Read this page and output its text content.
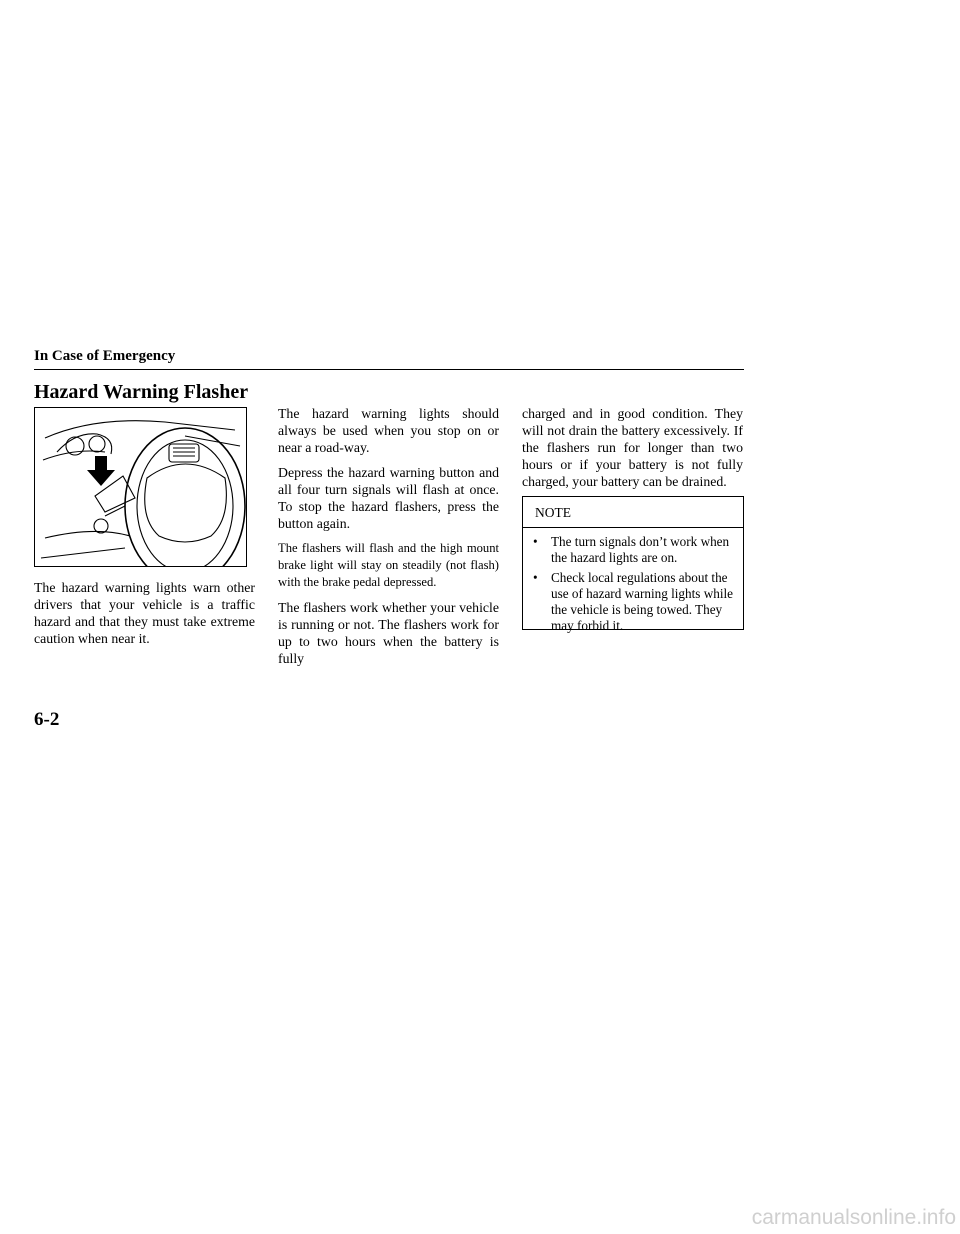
In Case of Emergency
Hazard Warning Flasher

The hazard warning lights warn other drivers that your vehicle is a traffic hazard and that they must take extreme caution when near it.

The hazard warning lights should always be used when you stop on or near a road-way.

Depress the hazard warning button and all four turn signals will flash at once. To stop the hazard flashers, press the button again.

The flashers will flash and the high mount brake light will stay on steadily (not flash) with the brake pedal depressed.

The flashers work whether your vehicle is running or not. The flashers work for up to two hours when the battery is fully

charged and in good condition. They will not drain the battery excessively. If the flashers run for longer than two hours or if your battery is not fully charged, your battery can be drained.

NOTE
• The turn signals don’t work when the hazard lights are on.
• Check local regulations about the use of hazard warning lights while the vehicle is being towed. They may forbid it.
6-2
carmanualsonline.info
